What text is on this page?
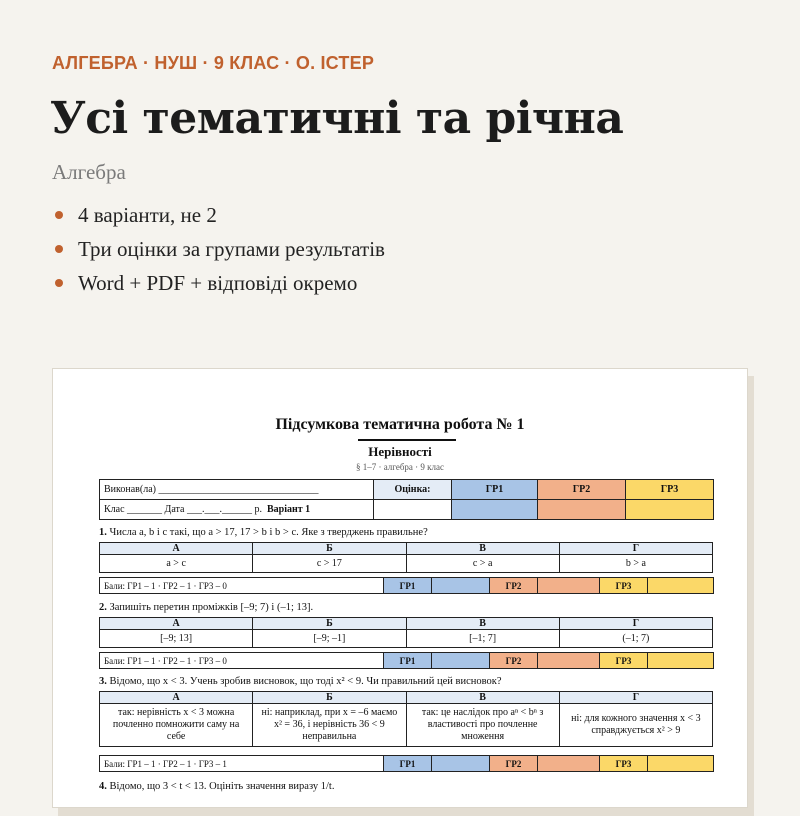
АЛГЕБРА · НУШ · 9 КЛАС · О. ІСТЕР
Усі тематичні та річна
Алгебра
4 варіанти, не 2
Три оцінки за групами результатів
Word + PDF + відповіді окремо
Підсумкова тематична робота № 1
Нерівності
§ 1–7 · алгебра · 9 клас
Виконав(ла) ________________________________	Оцінка:	ГР1	ГР2	ГР3
Клас _______ Дата ___.___.______ р. Варіант 1				
1. Числа a, b і c такі, що a > 17, 17 > b і b > c. Яке з тверджень правильне?
А	Б	В	Г
a > c	c > 17	c > a	b > a
Бали: ГР1 – 1 · ГР2 – 1 · ГР3 – 0	ГР1		ГР2		ГР3	
2. Запишіть перетин проміжків [–9; 7) і (–1; 13].
А	Б	В	Г
[–9; 13]	[–9; –1]	[–1; 7]	(–1; 7)
Бали: ГР1 – 1 · ГР2 – 1 · ГР3 – 0	ГР1		ГР2		ГР3	
3. Відомо, що x < 3. Учень зробив висновок, що тоді x² < 9. Чи правильний цей висновок?
А	Б	В	Г
так: нерівність x < 3 можна почленно помножити саму на себе	ні: наприклад, при x = –6 маємо x² = 36, і нерівність 36 < 9 неправильна	так: це наслідок про aⁿ < bⁿ з властивості про почленне множення	ні: для кожного значення x < 3 справджується x² > 9
Бали: ГР1 – 1 · ГР2 – 1 · ГР3 – 1	ГР1		ГР2		ГР3	
4. Відомо, що 3 < t < 13. Оцініть значення виразу 1/t.
